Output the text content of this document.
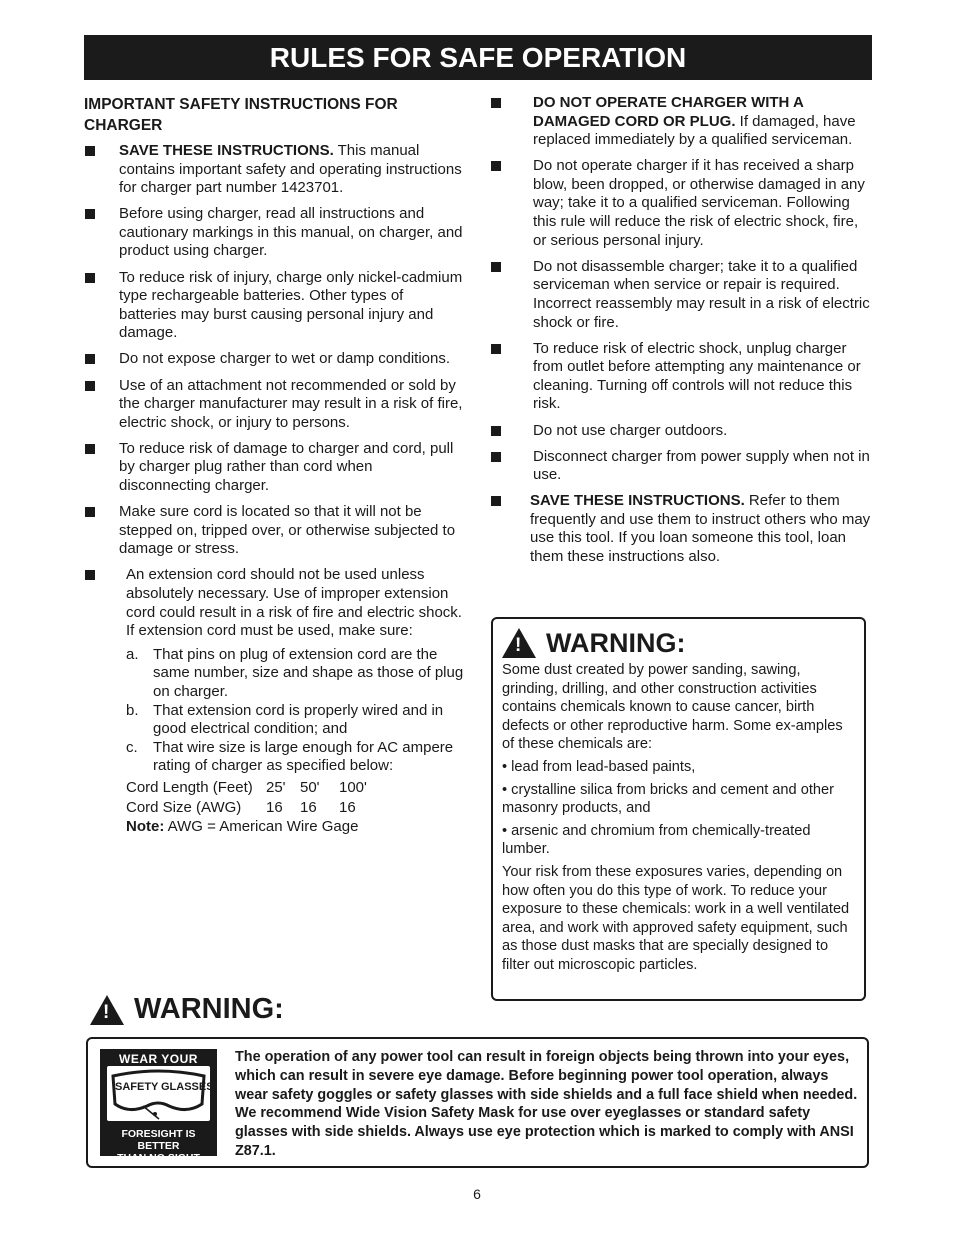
RULES FOR SAFE OPERATION
IMPORTANT SAFETY INSTRUCTIONS FOR
CHARGER
SAVE THESE INSTRUCTIONS. This manual contains important safety and operating instructions for charger part number 1423701.
Before using charger, read all instructions and cautionary markings in this manual, on charger, and product using charger.
To reduce risk of injury, charge only nickel-cadmium type rechargeable batteries. Other types of batteries may burst causing personal injury and damage.
Do not expose charger to wet or damp conditions.
Use of an attachment not recommended or sold by the charger manufacturer may result in a risk of fire, electric shock, or injury to persons.
To reduce risk of damage to charger and cord, pull by charger plug rather than cord when disconnecting charger.
Make sure cord is located so that it will not be stepped on, tripped over, or otherwise subjected to damage or stress.
An extension cord should not be used unless absolutely necessary. Use of improper extension cord could result in a risk of fire and electric shock. If extension cord must be used, make sure:
a. That pins on plug of extension cord are the same number, size and shape as those of plug on charger.
b. That extension cord is properly wired and in good electrical condition; and
c. That wire size is large enough for AC ampere rating of charger as specified below:
Cord Length (Feet) 25' 50'	100'
Cord Size (AWG)	16	16	16
Note: AWG = American Wire Gage
DO NOT OPERATE CHARGER WITH A DAMAGED CORD OR PLUG. If damaged, have replaced immediately by a qualified serviceman.
Do not operate charger if it has received a sharp blow, been dropped, or otherwise damaged in any way; take it to a qualified serviceman. Following this rule will reduce the risk of electric shock, fire, or serious personal injury.
Do not disassemble charger; take it to a qualified serviceman when service or repair is required. Incorrect reassembly may result in a risk of electric shock or fire.
To reduce risk of electric shock, unplug charger from outlet before attempting any maintenance or cleaning. Turning off controls will not reduce this risk.
Do not use charger outdoors.
Disconnect charger from power supply when not in use.
SAVE THESE INSTRUCTIONS. Refer to them frequently and use them to instruct others who may use this tool. If you loan someone this tool, loan them these instructions also.
!
WARNING:

Some dust created by power sanding, sawing, grinding, drilling, and other construction activities contains chemicals known to cause cancer, birth defects or other reproductive harm. Some ex-amples of these chemicals are:

• lead from lead-based paints,

• crystalline silica from bricks and cement and other masonry products, and

• arsenic and chromium from chemically-treated lumber.

Your risk from these exposures varies, depending on how often you do this type of work. To reduce your exposure to these chemicals: work in a well ventilated area, and work with approved safety equipment, such as those dust masks that are specially designed to filter out microscopic particles.

!
WARNING:
WEAR YOUR
SAFETY GLASSES
FORESIGHT IS BETTER
THAN NO SIGHT
The operation of any power tool can result in foreign objects being thrown into your eyes, which can result in severe eye damage. Before beginning power tool operation, always wear safety goggles or safety glasses with side shields and a full face shield when needed. We recommend Wide Vision Safety Mask for use over eyeglasses or standard safety glasses with side shields. Always use eye protection which is marked to comply with ANSI Z87.1.
6
